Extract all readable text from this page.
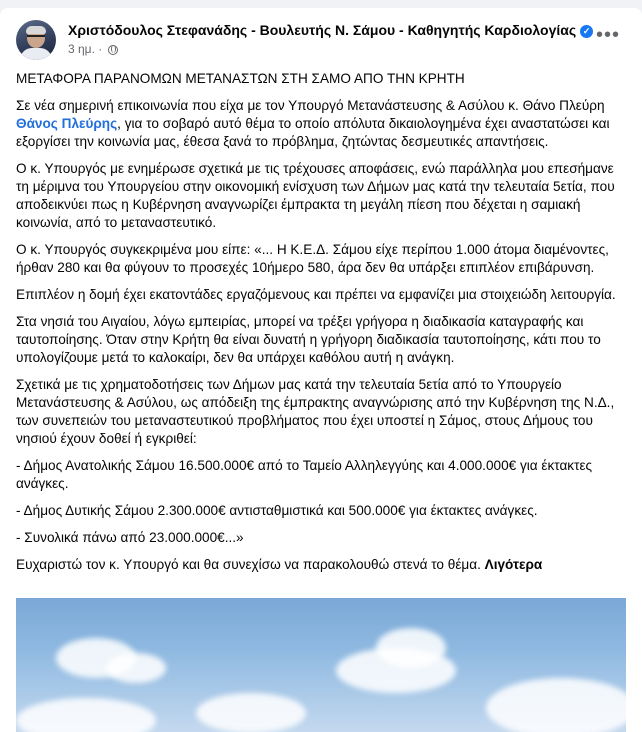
Χριστόδουλος Στεφανάδης - Βουλευτής Ν. Σάμου - Καθηγητής Καρδιολογίας ✓
3 ημ. ·
•••

ΜΕΤΑΦΟΡΑ ΠΑΡΑΝΟΜΩΝ ΜΕΤΑΝΑΣΤΩΝ ΣΤΗ ΣΑΜΟ ΑΠΟ ΤΗΝ ΚΡΗΤΗ

Σε νέα σημερινή επικοινωνία που είχα με τον Υπουργό Μετανάστευσης & Ασύλου κ. Θάνο Πλεύρη Θάνος Πλεύρης, για το σοβαρό αυτό θέμα το οποίο απόλυτα δικαιολογημένα έχει αναστατώσει και εξοργίσει την κοινωνία μας, έθεσα ξανά το πρόβλημα, ζητώντας δεσμευτικές απαντήσεις.

Ο κ. Υπουργός με ενημέρωσε σχετικά με τις τρέχουσες αποφάσεις, ενώ παράλληλα μου επεσήμανε τη μέριμνα του Υπουργείου στην οικονομική ενίσχυση των Δήμων μας κατά την τελευταία 5ετία, που αποδεικνύει πως η Κυβέρνηση αναγνωρίζει έμπρακτα τη μεγάλη πίεση που δέχεται η σαμιακή κοινωνία, από το μεταναστευτικό.

Ο κ. Υπουργός συγκεκριμένα μου είπε: «... Η Κ.Ε.Δ. Σάμου είχε περίπου 1.000 άτομα διαμένοντες, ήρθαν 280 και θα φύγουν το προσεχές 10ήμερο 580, άρα δεν θα υπάρξει επιπλέον επιβάρυνση.

Επιπλέον η δομή έχει εκατοντάδες εργαζόμενους και πρέπει να εμφανίζει μια στοιχειώδη λειτουργία.

Στα νησιά του Αιγαίου, λόγω εμπειρίας, μπορεί να τρέξει γρήγορα η διαδικασία καταγραφής και ταυτοποίησης. Όταν στην Κρήτη θα είναι δυνατή η γρήγορη διαδικασία ταυτοποίησης, κάτι που το υπολογίζουμε μετά το καλοκαίρι, δεν θα υπάρχει καθόλου αυτή η ανάγκη.

Σχετικά με τις χρηματοδοτήσεις των Δήμων μας κατά την τελευταία 5ετία από το Υπουργείο Μετανάστευσης & Ασύλου, ως απόδειξη της έμπρακτης αναγνώρισης από την Κυβέρνηση της Ν.Δ., των συνεπειών του μεταναστευτικού προβλήματος που έχει υποστεί η Σάμος, στους Δήμους του νησιού έχουν δοθεί ή εγκριθεί:

- Δήμος Ανατολικής Σάμου 16.500.000€ από το Ταμείο Αλληλεγγύης και 4.000.000€ για έκτακτες ανάγκες.

- Δήμος Δυτικής Σάμου 2.300.000€ αντισταθμιστικά και 500.000€ για έκτακτες ανάγκες.

- Συνολικά πάνω από 23.000.000€...»

Ευχαριστώ τον κ. Υπουργό και θα συνεχίσω να παρακολουθώ στενά το θέμα. Λιγότερα
